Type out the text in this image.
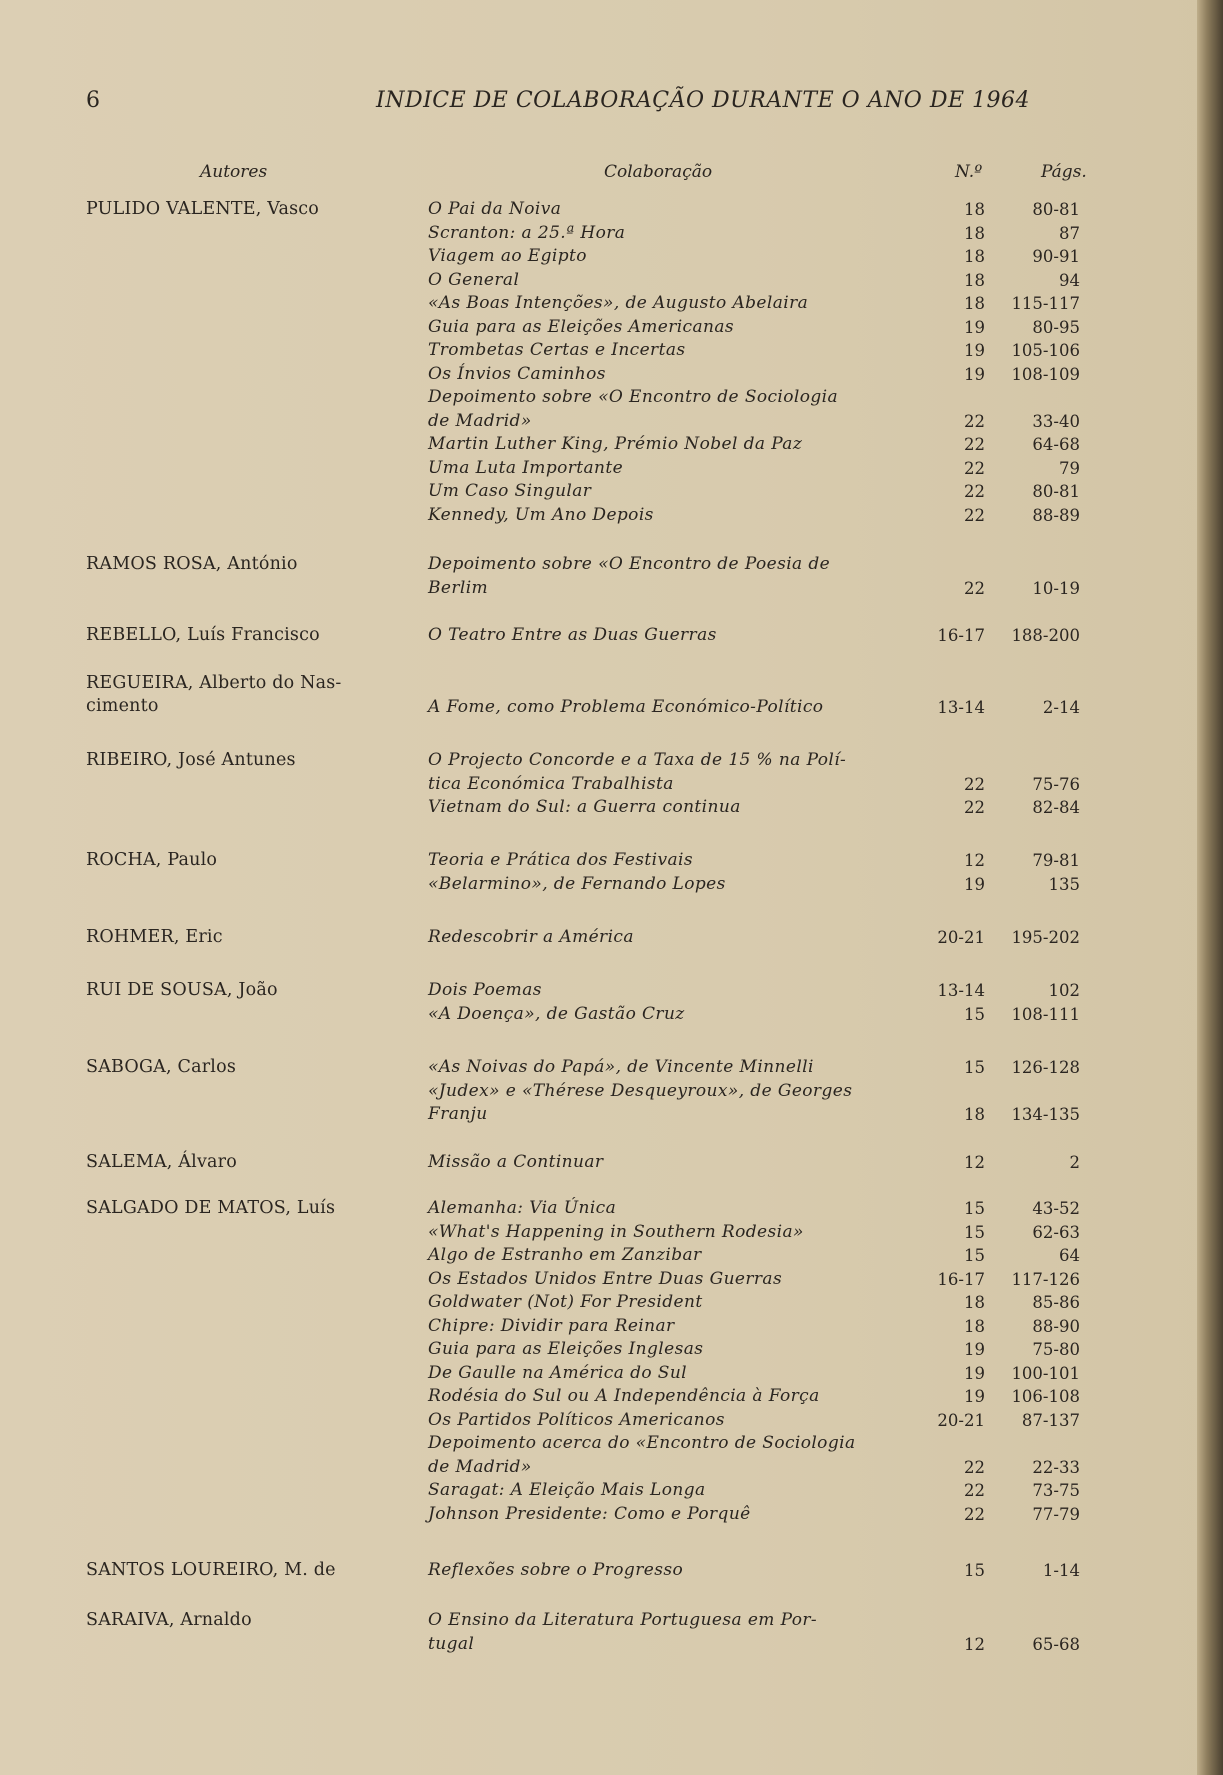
6	INDICE DE COLABORAÇÃO DURANTE O ANO DE 1964
Autores	Colaboração	N.º	Págs.
PULIDO VALENTE, Vasco	O Pai da Noiva	18	80-81
Scranton: a 25.ª Hora	18	87
Viagem ao Egipto	18	90-91
O General	18	94
«As Boas Intenções», de Augusto Abelaira	18	115-117
Guia para as Eleições Americanas	19	80-95
Trombetas Certas e Incertas	19	105-106
Os Ínvios Caminhos	19	108-109
Depoimento sobre «O Encontro de Sociologia
de Madrid»	22	33-40
Martin Luther King, Prémio Nobel da Paz	22	64-68
Uma Luta Importante	22	79
Um Caso Singular	22	80-81
Kennedy, Um Ano Depois	22	88-89
RAMOS ROSA, António	Depoimento sobre «O Encontro de Poesia de
Berlim	22	10-19
REBELLO, Luís Francisco	O Teatro Entre as Duas Guerras	16-17	188-200
REGUEIRA, Alberto do Nas-
cimento	A Fome, como Problema Económico-Político	13-14	2-14
RIBEIRO, José Antunes	O Projecto Concorde e a Taxa de 15 % na Polí-
tica Económica Trabalhista	22	75-76
Vietnam do Sul: a Guerra continua	22	82-84
ROCHA, Paulo	Teoria e Prática dos Festivais	12	79-81
«Belarmino», de Fernando Lopes	19	135
ROHMER, Eric	Redescobrir a América	20-21	195-202
RUI DE SOUSA, João	Dois Poemas	13-14	102
«A Doença», de Gastão Cruz	15	108-111
SABOGA, Carlos	«As Noivas do Papá», de Vincente Minnelli	15	126-128
«Judex» e «Thérese Desqueyroux», de Georges
Franju	18	134-135
SALEMA, Álvaro	Missão a Continuar	12	2
SALGADO DE MATOS, Luís	Alemanha: Via Única	15	43-52
«What's Happening in Southern Rodesia»	15	62-63
Algo de Estranho em Zanzibar	15	64
Os Estados Unidos Entre Duas Guerras	16-17	117-126
Goldwater (Not) For President	18	85-86
Chipre: Dividir para Reinar	18	88-90
Guia para as Eleições Inglesas	19	75-80
De Gaulle na América do Sul	19	100-101
Rodésia do Sul ou A Independência à Força	19	106-108
Os Partidos Políticos Americanos	20-21	87-137
Depoimento acerca do «Encontro de Sociologia
de Madrid»	22	22-33
Saragat: A Eleição Mais Longa	22	73-75
Johnson Presidente: Como e Porquê	22	77-79
SANTOS LOUREIRO, M. de	Reflexões sobre o Progresso	15	1-14
SARAIVA, Arnaldo	O Ensino da Literatura Portuguesa em Por-
tugal	12	65-68
